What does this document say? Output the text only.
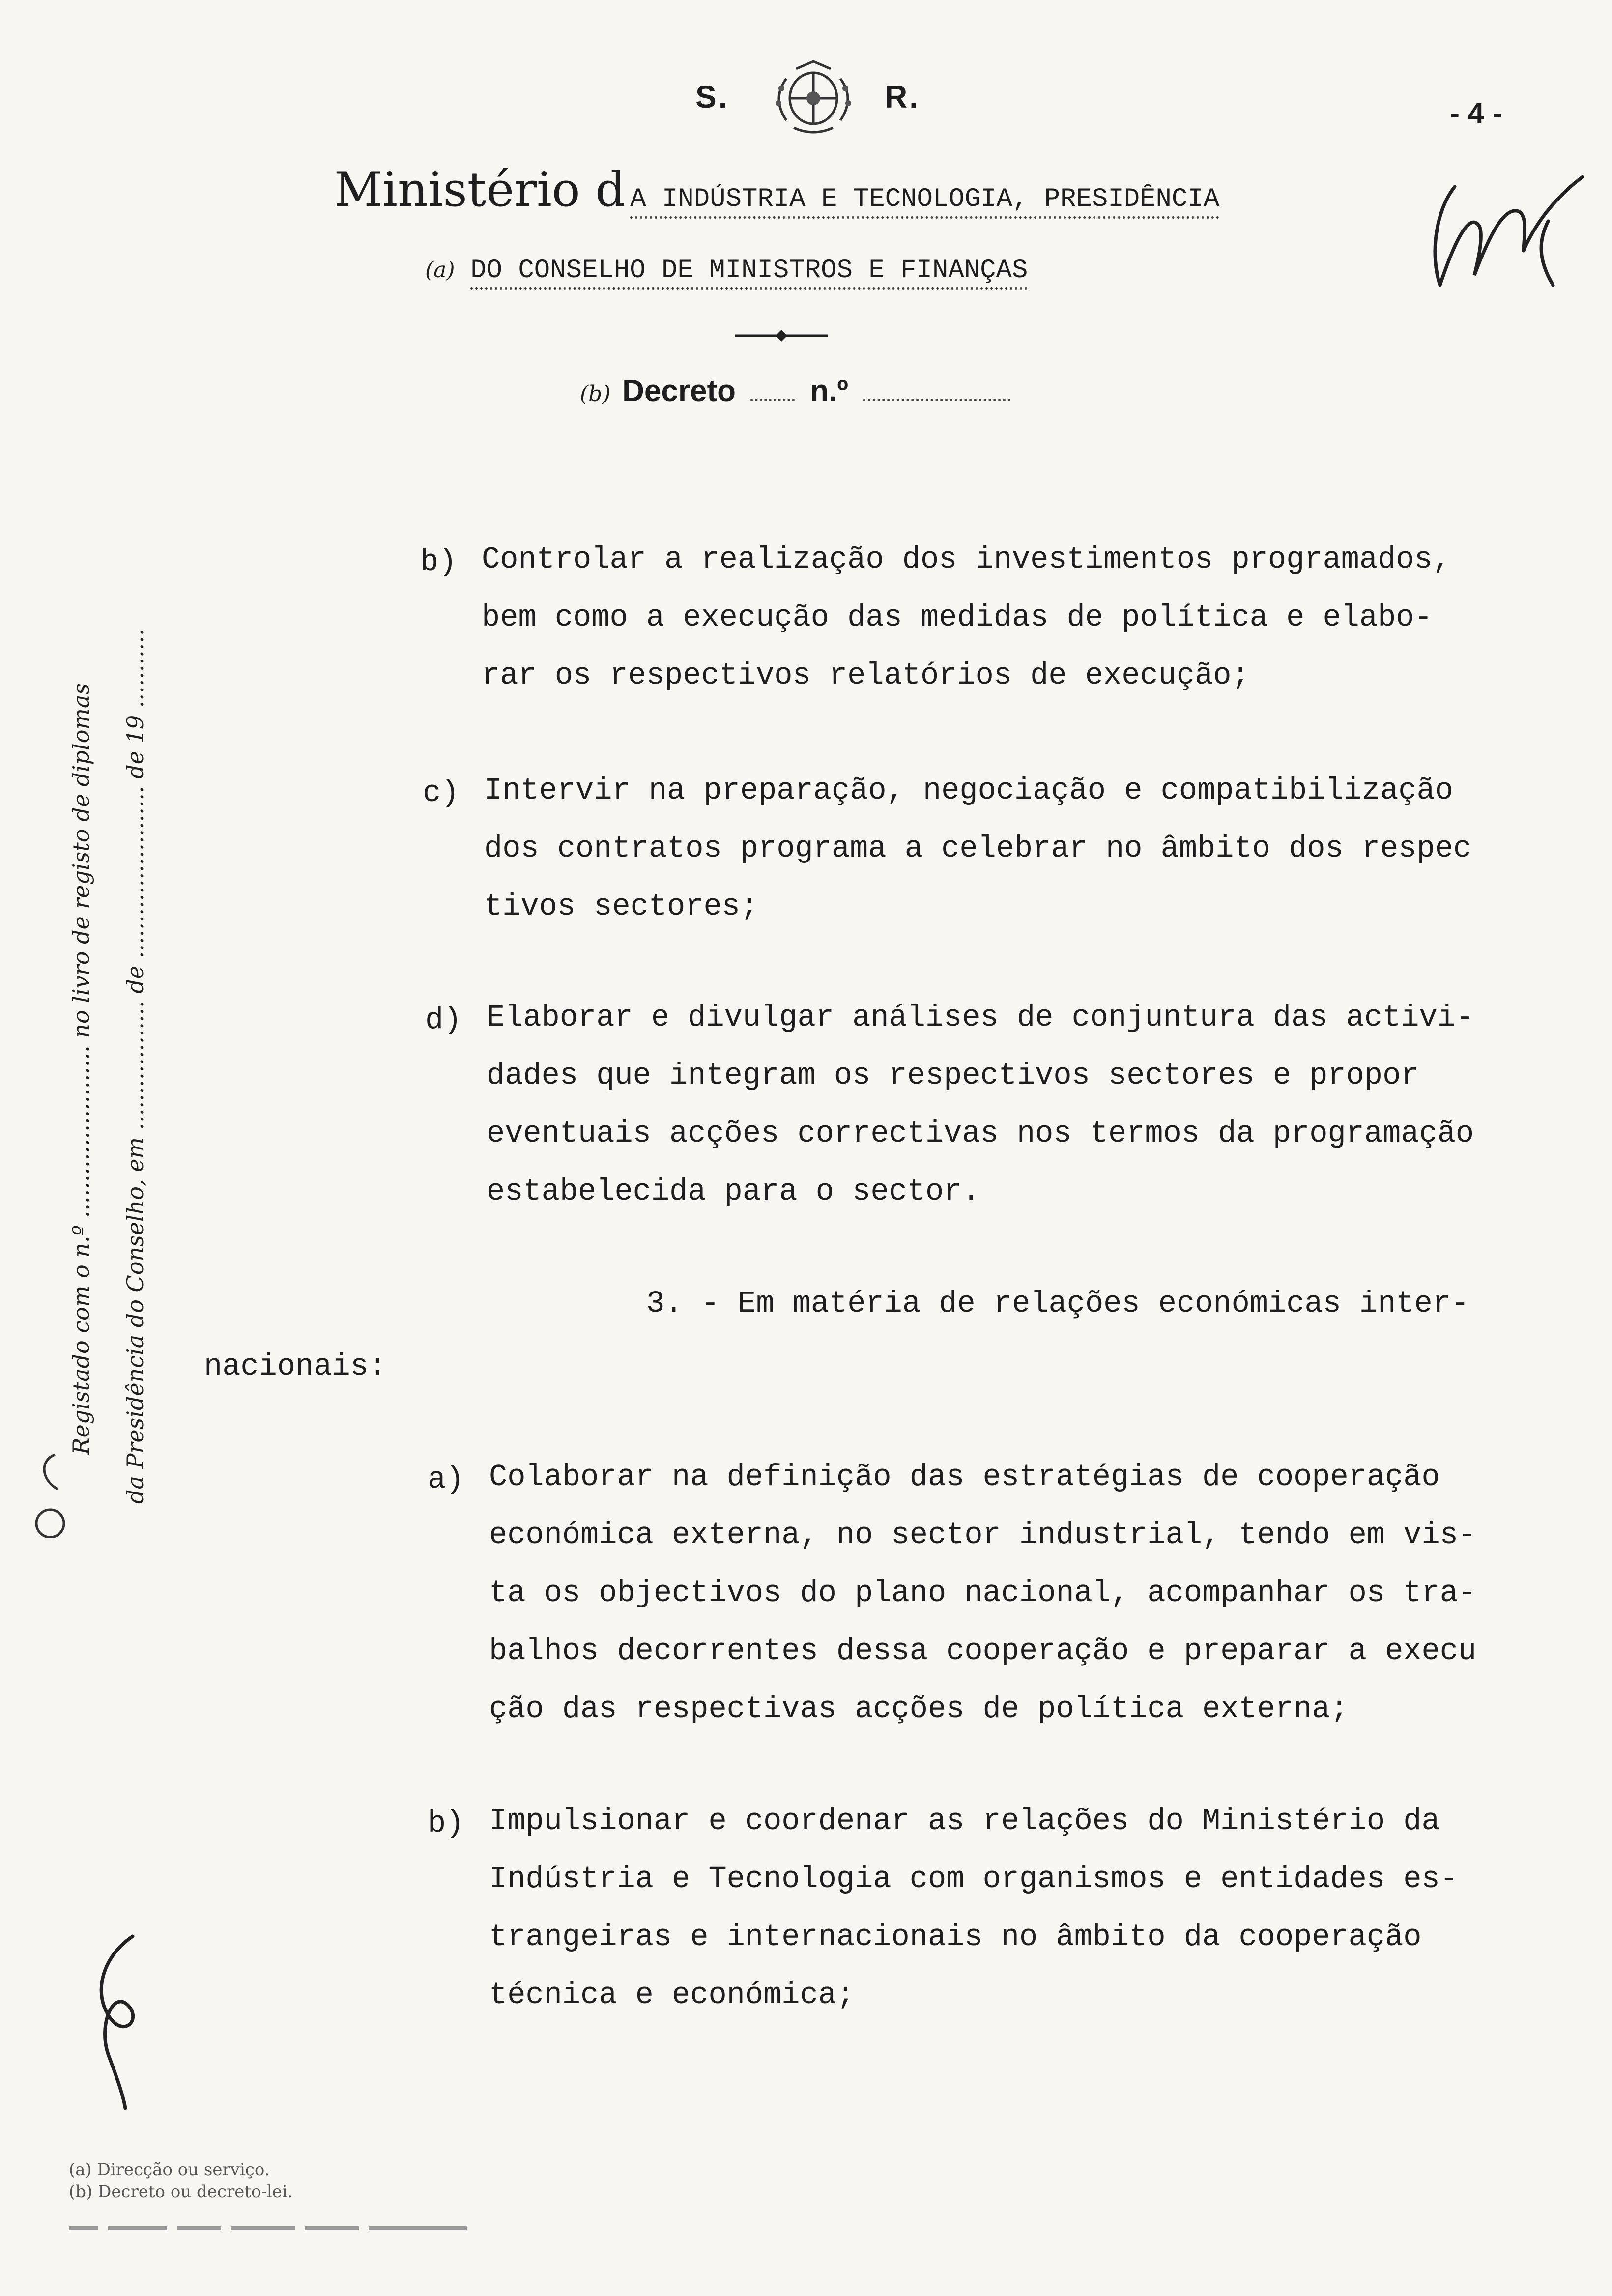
S.	R.	- 4 -
Ministério d A INDÚSTRIA E TECNOLOGIA, PRESIDÊNCIA
(a) DO CONSELHO DE MINISTROS E FINANÇAS
(b) Decreto n.º
Registado com o n.º ........................ no livro de registo de diplomas da Presidência do Conselho, em .................. de ........................ de 19 ...........
b) Controlar a realização dos investimentos programados,
bem como a execução das medidas de política e elabo-
rar os respectivos relatórios de execução;
c) Intervir na preparação, negociação e compatibilização
dos contratos programa a celebrar no âmbito dos respec
tivos sectores;
d) Elaborar e divulgar análises de conjuntura das activi-
dades que integram os respectivos sectores e propor
eventuais acções correctivas nos termos da programação
estabelecida para o sector.
3. - Em matéria de relações económicas inter-
nacionais:
a) Colaborar na definição das estratégias de cooperação
económica externa, no sector industrial, tendo em vis-
ta os objectivos do plano nacional, acompanhar os tra-
balhos decorrentes dessa cooperação e preparar a execu
ção das respectivas acções de política externa;
b) Impulsionar e coordenar as relações do Ministério da
Indústria e Tecnologia com organismos e entidades es-
trangeiras e internacionais no âmbito da cooperação
técnica e económica;
(a) Direcção ou serviço.
(b) Decreto ou decreto-lei.
